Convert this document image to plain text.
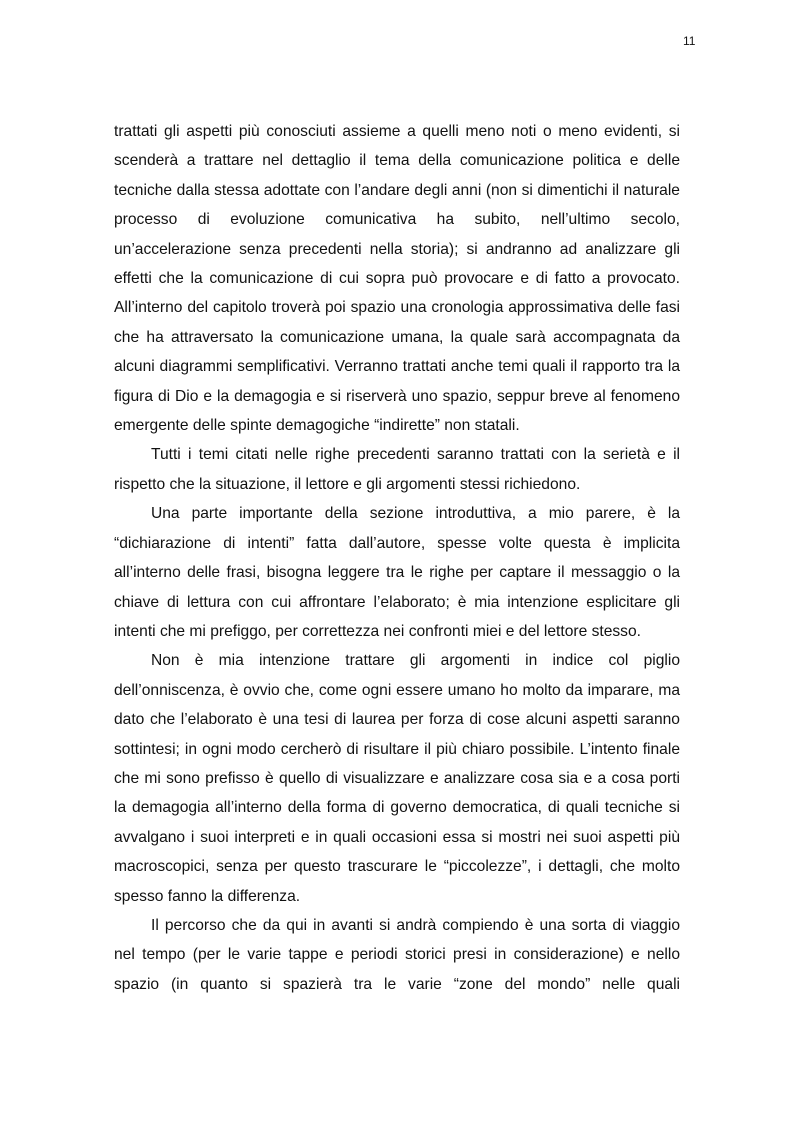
11

trattati gli aspetti più conosciuti assieme a quelli meno noti o meno evidenti, si scenderà a trattare nel dettaglio il tema della comunicazione politica e delle tecniche dalla stessa adottate con l’andare degli anni (non si dimentichi il naturale processo di evoluzione comunicativa ha subito, nell’ultimo secolo, un’accelerazione senza precedenti nella storia); si andranno ad analizzare gli effetti che la comunicazione di cui sopra può provocare e di fatto a provocato. All’interno del capitolo troverà poi spazio una cronologia approssimativa delle fasi che ha attraversato la comunicazione umana, la quale sarà accompagnata da alcuni diagrammi semplificativi. Verranno trattati anche temi quali il rapporto tra la figura di Dio e la demagogia e si riserverà uno spazio, seppur breve al fenomeno emergente delle spinte demagogiche “indirette” non statali.

Tutti i temi citati nelle righe precedenti saranno trattati con la serietà e il rispetto che la situazione, il lettore e gli argomenti stessi richiedono.

Una parte importante della sezione introduttiva, a mio parere, è la “dichiarazione di intenti” fatta dall’autore, spesse volte questa è implicita all’interno delle frasi, bisogna leggere tra le righe per captare il messaggio o la chiave di lettura con cui affrontare l’elaborato; è mia intenzione esplicitare gli intenti che mi prefiggo, per correttezza nei confronti miei e del lettore stesso.

Non è mia intenzione trattare gli argomenti in indice col piglio dell’onniscenza, è ovvio che, come ogni essere umano ho molto da imparare, ma dato che l’elaborato è una tesi di laurea per forza di cose alcuni aspetti saranno sottintesi; in ogni modo cercherò di risultare il più chiaro possibile. L’intento finale che mi sono prefisso è quello di visualizzare e analizzare cosa sia e a cosa porti la demagogia all’interno della forma di governo democratica, di quali tecniche si avvalgano i suoi interpreti e in quali occasioni essa si mostri nei suoi aspetti più macroscopici, senza per questo trascurare le “piccolezze”, i dettagli, che molto spesso fanno la differenza.

Il percorso che da qui in avanti si andrà compiendo è una sorta di viaggio nel tempo (per le varie tappe e periodi storici presi in considerazione) e nello spazio (in quanto si spazierà tra le varie “zone del mondo” nelle quali
